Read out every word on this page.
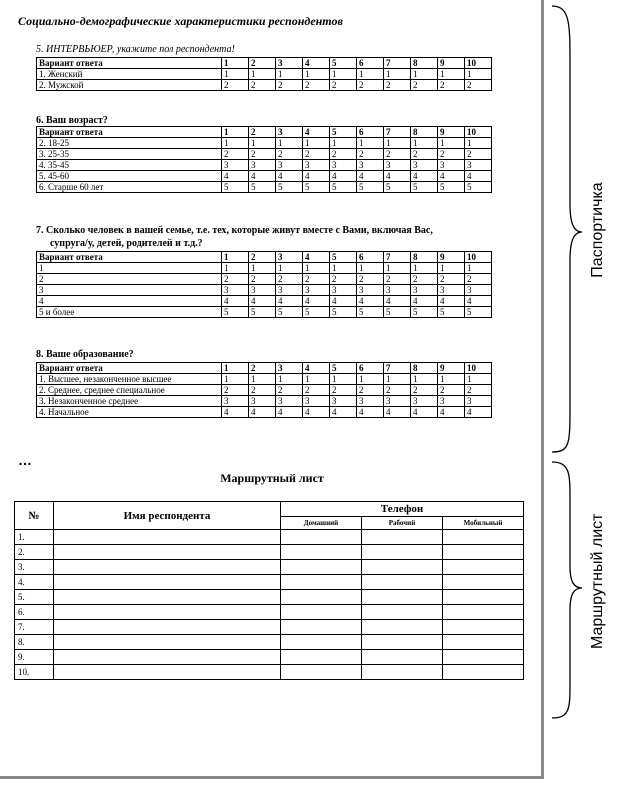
Социально-демографические характеристики респондентов
5. ИНТЕРВЬЮЕР, укажите пол респондента!
Вариант ответа	1	2	3	4	5	6	7	8	9	10
1. Женский	1	1	1	1	1	1	1	1	1	1
2. Мужской	2	2	2	2	2	2	2	2	2	2
6. Ваш возраст?
Вариант ответа	1	2	3	4	5	6	7	8	9	10
2. 18-25	1	1	1	1	1	1	1	1	1	1
3. 25-35	2	2	2	2	2	2	2	2	2	2
4. 35-45	3	3	3	3	3	3	3	3	3	3
5. 45-60	4	4	4	4	4	4	4	4	4	4
6. Старше 60 лет	5	5	5	5	5	5	5	5	5	5
7. Сколько человек в вашей семье, т.е. тех, которые живут вместе с Вами, включая Вас,
супруга/у, детей, родителей и т.д.?
Вариант ответа	1	2	3	4	5	6	7	8	9	10
1	1	1	1	1	1	1	1	1	1	1
2	2	2	2	2	2	2	2	2	2	2
3	3	3	3	3	3	3	3	3	3	3
4	4	4	4	4	4	4	4	4	4	4
5 и более	5	5	5	5	5	5	5	5	5	5
8. Ваше образование?
Вариант ответа	1	2	3	4	5	6	7	8	9	10
1. Высшее, незаконченное высшее	1	1	1	1	1	1	1	1	1	1
2. Среднее, среднее специальное	2	2	2	2	2	2	2	2	2	2
3. Незаконченное среднее	3	3	3	3	3	3	3	3	3	3
4. Начальное	4	4	4	4	4	4	4	4	4	4
…
Маршрутный лист
№	Имя респондента	Телефон		
		Домашний	Рабочий	Мобильный
1.				
2.				
3.				
4.				
5.				
6.				
7.				
8.				
9.				
10.				
Паспортичка
Маршрутный лист
